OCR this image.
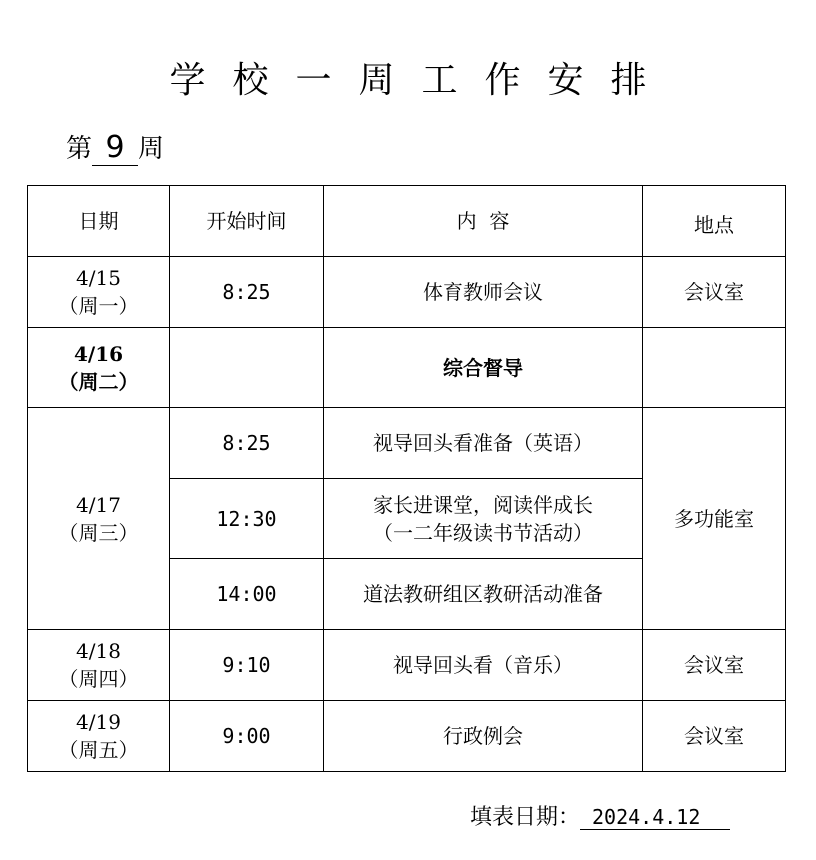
学校一周工作安排
第 9 周
日期	开始时间	内  容	地点

4/15
（周一）	8:25	体育教师会议	会议室

4/16
（周二）		综合督导	

4/17
（周三）	8:25	视导回头看准备（英语）	多功能室
	12:30	家长进课堂，阅读伴成长
（一二年级读书节活动）	

	14:00	道法教研组区教研活动准备	

4/18
（周四）	9:10	视导回头看（音乐）	会议室

4/19
（周五）	9:00	行政例会	会议室
填表日期： 2024.4.12
